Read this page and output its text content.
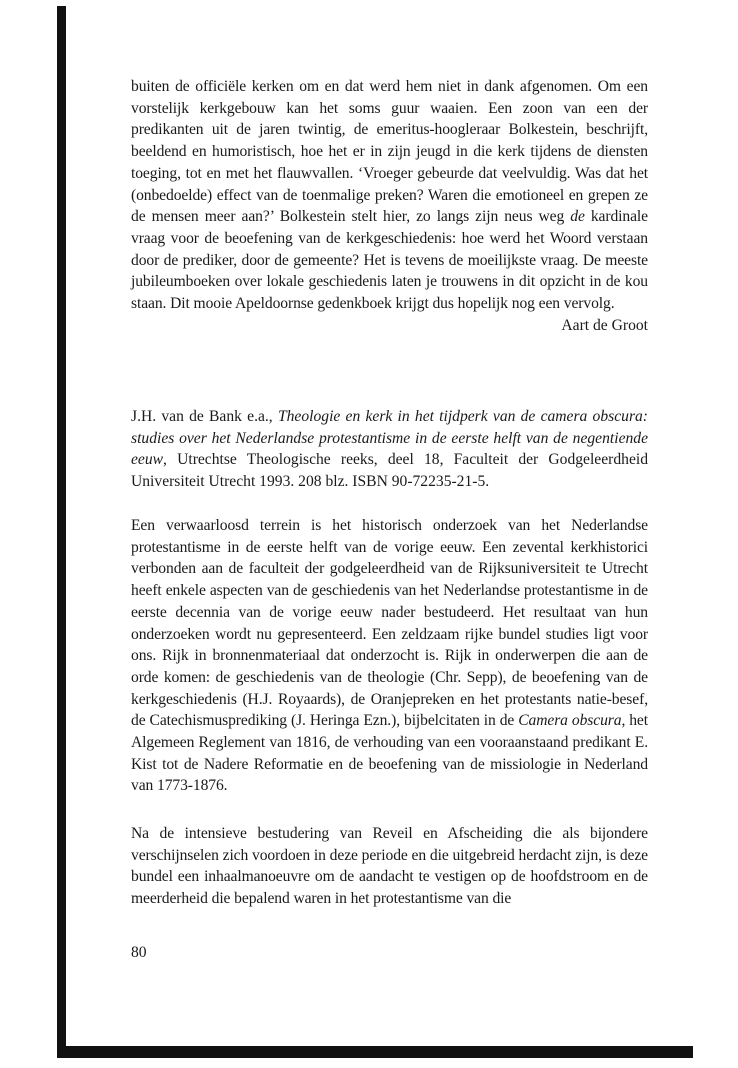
buiten de officiële kerken om en dat werd hem niet in dank afgenomen. Om een vorstelijk kerkgebouw kan het soms guur waaien. Een zoon van een der predikanten uit de jaren twintig, de emeritus-hoogleraar Bolkestein, beschrijft, beeldend en humoristisch, hoe het er in zijn jeugd in die kerk tijdens de diensten toeging, tot en met het flauwvallen. ‘Vroeger gebeurde dat veelvuldig. Was dat het (onbedoelde) effect van de toenmalige preken? Waren die emotioneel en grepen ze de mensen meer aan?’ Bolkestein stelt hier, zo langs zijn neus weg de kardinale vraag voor de beoefening van de kerkgeschiedenis: hoe werd het Woord verstaan door de prediker, door de gemeente? Het is tevens de moeilijkste vraag. De meeste jubileumboeken over lokale geschiedenis laten je trouwens in dit opzicht in de kou staan. Dit mooie Apeldoornse gedenkboek krijgt dus hopelijk nog een vervolg.

Aart de Groot

J.H. van de Bank e.a., Theologie en kerk in het tijdperk van de camera obscura: studies over het Nederlandse protestantisme in de eerste helft van de negentiende eeuw, Utrechtse Theologische reeks, deel 18, Faculteit der Godgeleerdheid Universiteit Utrecht 1993. 208 blz. ISBN 90-72235-21-5.

Een verwaarloosd terrein is het historisch onderzoek van het Nederlandse protestantisme in de eerste helft van de vorige eeuw. Een zevental kerkhistorici verbonden aan de faculteit der godgeleerdheid van de Rijksuniversiteit te Utrecht heeft enkele aspecten van de geschiedenis van het Nederlandse protestantisme in de eerste decennia van de vorige eeuw nader bestudeerd. Het resultaat van hun onderzoeken wordt nu gepresenteerd. Een zeldzaam rijke bundel studies ligt voor ons. Rijk in bronnenmateriaal dat onderzocht is. Rijk in onderwerpen die aan de orde komen: de geschiedenis van de theologie (Chr. Sepp), de beoefening van de kerkgeschiedenis (H.J. Royaards), de Oranjepreken en het protestants natie-besef, de Catechismusprediking (J. Heringa Ezn.), bijbelcitaten in de Camera obscura, het Algemeen Reglement van 1816, de verhouding van een vooraanstaand predikant E. Kist tot de Nadere Reformatie en de beoefening van de missiologie in Nederland van 1773-1876.

Na de intensieve bestudering van Reveil en Afscheiding die als bijondere verschijnselen zich voordoen in deze periode en die uitgebreid herdacht zijn, is deze bundel een inhaalmanoeuvre om de aandacht te vestigen op de hoofdstroom en de meerderheid die bepalend waren in het protestantisme van die

80
